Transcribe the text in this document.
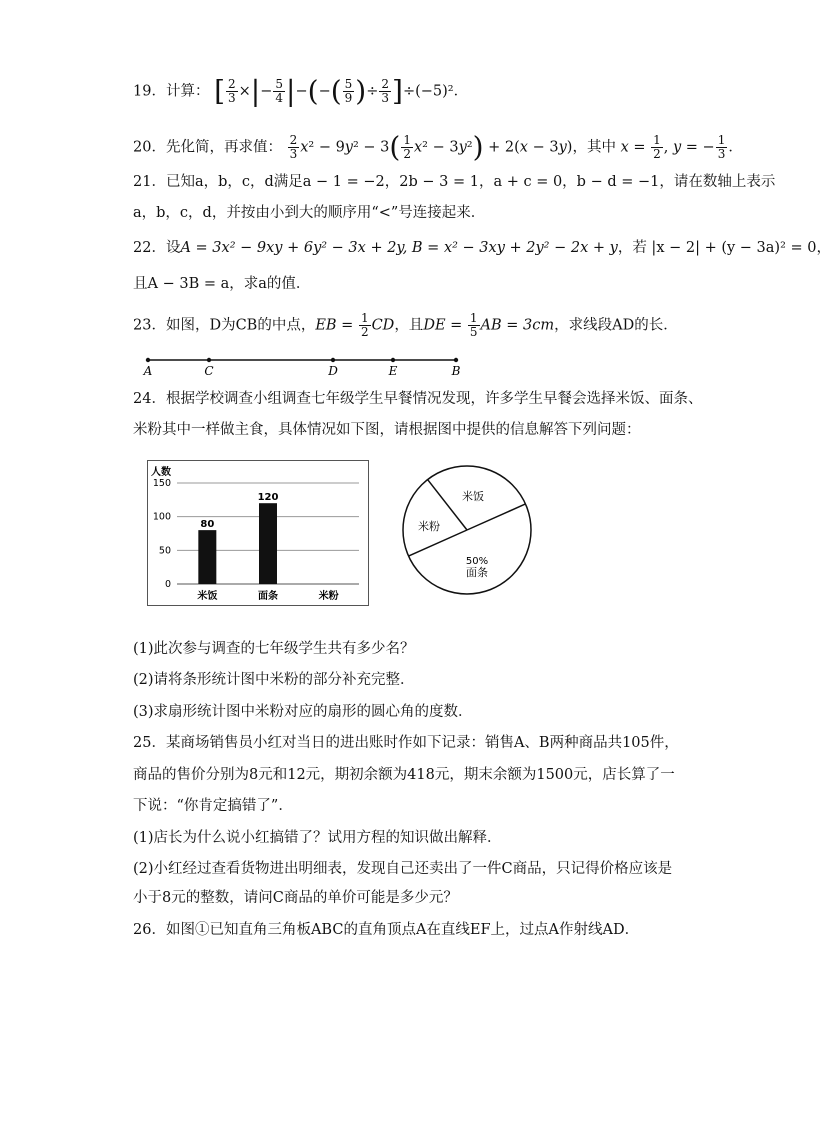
19．计算： [ $\frac{2}{3}$ ×|− $\frac{5}{4}$ |−(−( $\frac{5}{9}$ )÷ $\frac{2}{3} ]\div(-5)^2$．
20．先化简，再求值： $\frac{2}{3} x^2 - 9y^2 - 3( \frac{1}{2} x^2 - 3y^2) + 2(x - 3y)$，其中 $x = \frac{1}{2}$ , y = − $\frac{1}{3}$ ．
21．已知a，b，c，d满足a − 1 = −2，2b − 3 = 1，a + c = 0，b − d = −1，请在数轴上表示
a，b，c，d，并按由小到大的顺序用“<”号连接起来．
22．设A = 3x² − 9xy + 6y² − 3x + 2y, B = x² − 3xy + 2y² − 2x + y，若 |x − 2| + (y − 3a)² = 0，
且A − 3B = a，求a的值．
23．如图，D为CB的中点，EB = $\frac{1}{2}$ CD，且DE = $\frac{1}{5}$ AB = 3cm，求线段AD的长．
A	C	D	E	B
24．根据学校调查小组调查七年级学生早餐情况发现，许多学生早餐会选择米饭、面条、
米粉其中一样做主食，具体情况如下图，请根据图中提供的信息解答下列问题：
人数
0
50
100
150
米饭
80
面条
120
米粉
米饭
米粉
50%
面条
(1)此次参与调查的七年级学生共有多少名？
(2)请将条形统计图中米粉的部分补充完整．
(3)求扇形统计图中米粉对应的扇形的圆心角的度数．
25．某商场销售员小红对当日的进出账时作如下记录：销售A、B两种商品共105件，
商品的售价分别为8元和12元，期初余额为418元，期末余额为1500元，店长算了一
下说：“你肯定搞错了”．
(1)店长为什么说小红搞错了？试用方程的知识做出解释．
(2)小红经过查看货物进出明细表，发现自己还卖出了一件C商品，只记得价格应该是
小于8元的整数，请问C商品的单价可能是多少元？
26．如图①已知直角三角板ABC的直角顶点A在直线EF上，过点A作射线AD．
